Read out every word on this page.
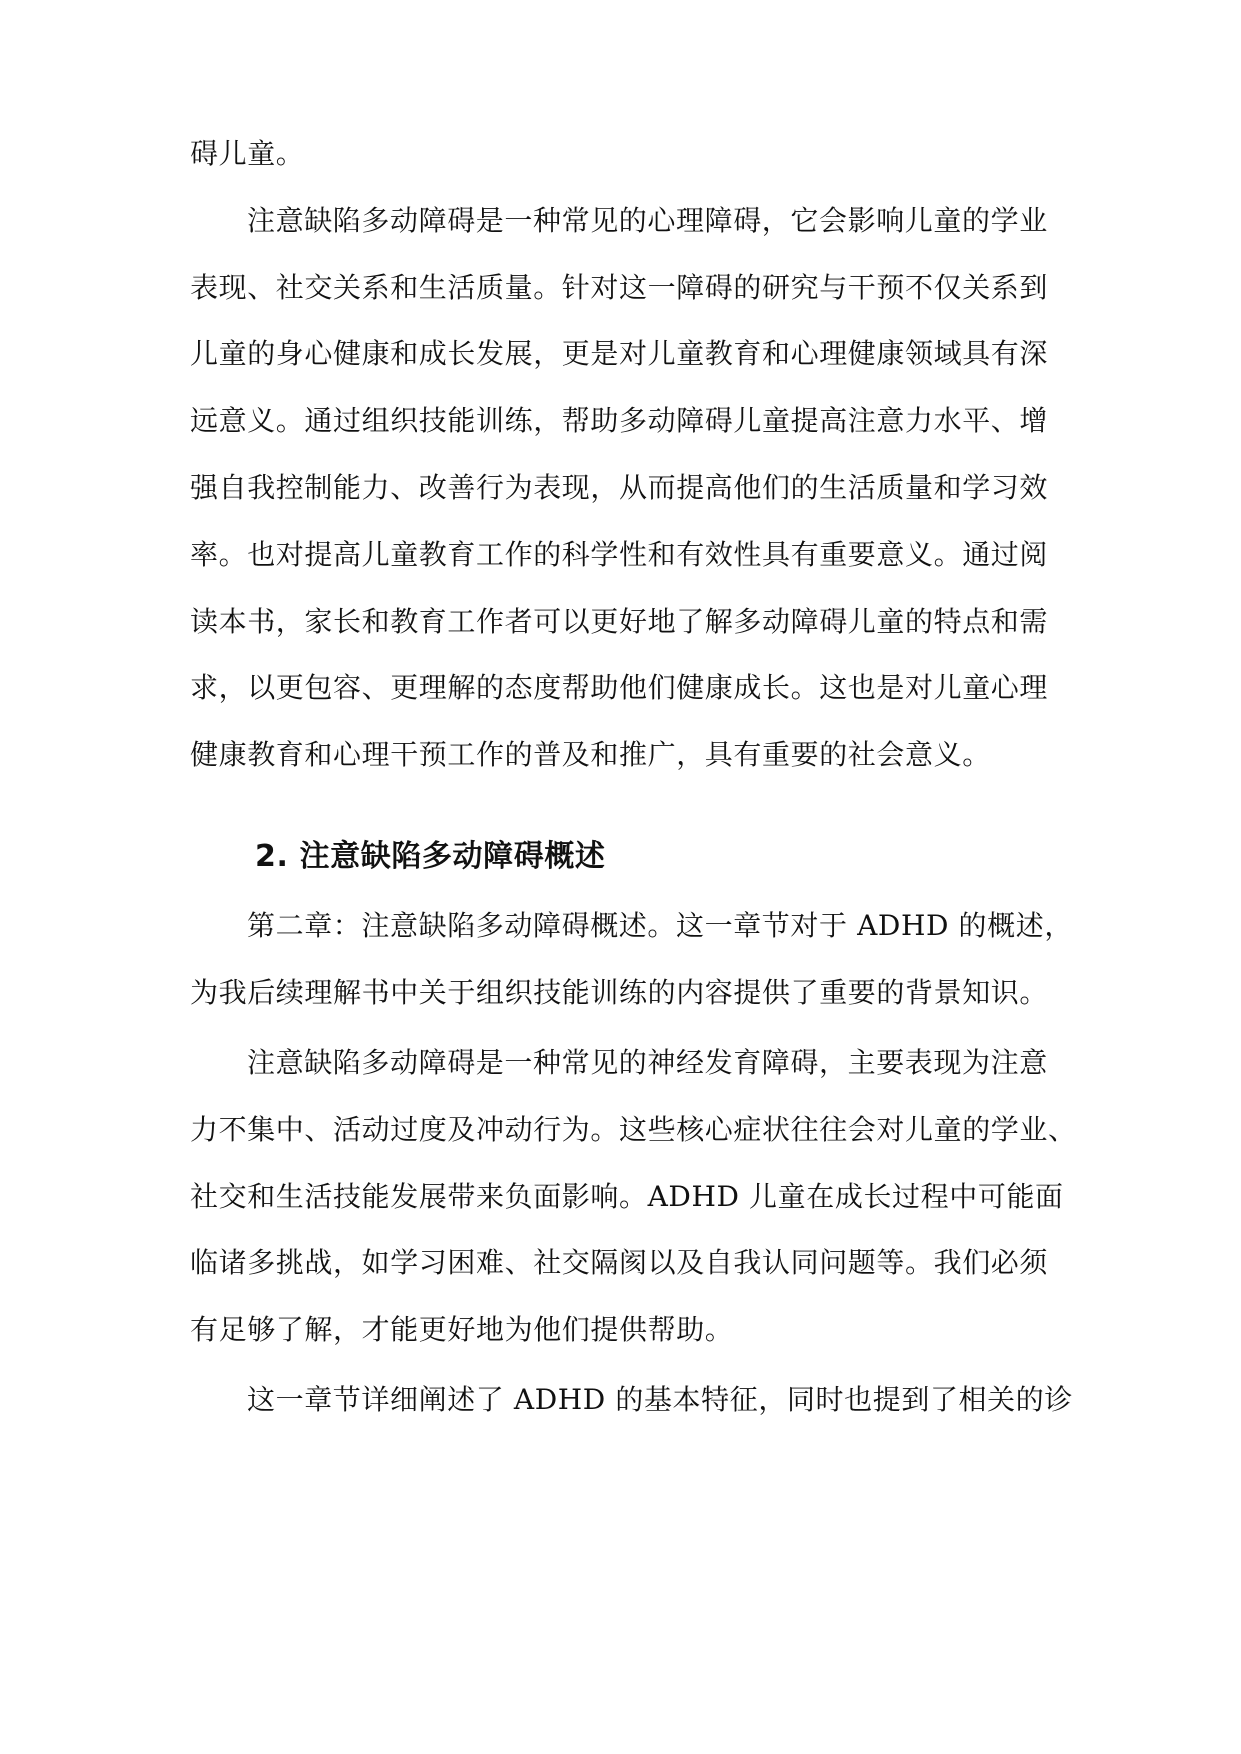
碍儿童。
注意缺陷多动障碍是一种常见的心理障碍，它会影响儿童的学业
表现、社交关系和生活质量。针对这一障碍的研究与干预不仅关系到
儿童的身心健康和成长发展，更是对儿童教育和心理健康领域具有深
远意义。通过组织技能训练，帮助多动障碍儿童提高注意力水平、增
强自我控制能力、改善行为表现，从而提高他们的生活质量和学习效
率。也对提高儿童教育工作的科学性和有效性具有重要意义。通过阅
读本书，家长和教育工作者可以更好地了解多动障碍儿童的特点和需
求，以更包容、更理解的态度帮助他们健康成长。这也是对儿童心理
健康教育和心理干预工作的普及和推广，具有重要的社会意义。
2. 注意缺陷多动障碍概述
第二章：注意缺陷多动障碍概述。这一章节对于 ADHD 的概述，
为我后续理解书中关于组织技能训练的内容提供了重要的背景知识。
注意缺陷多动障碍是一种常见的神经发育障碍，主要表现为注意
力不集中、活动过度及冲动行为。这些核心症状往往会对儿童的学业、
社交和生活技能发展带来负面影响。ADHD 儿童在成长过程中可能面
临诸多挑战，如学习困难、社交隔阂以及自我认同问题等。我们必须
有足够了解，才能更好地为他们提供帮助。
这一章节详细阐述了 ADHD 的基本特征，同时也提到了相关的诊
